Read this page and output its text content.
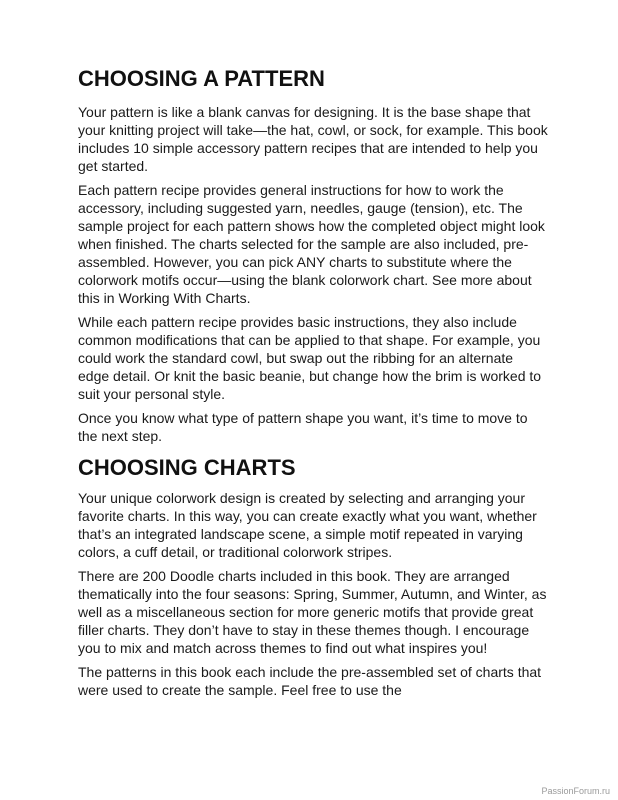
CHOOSING A PATTERN

Your pattern is like a blank canvas for designing. It is the base shape that your knitting project will take—the hat, cowl, or sock, for example. This book includes 10 simple accessory pattern recipes that are intended to help you get started.

Each pattern recipe provides general instructions for how to work the accessory, including suggested yarn, needles, gauge (tension), etc. The sample project for each pattern shows how the completed object might look when finished. The charts selected for the sample are also included, pre-assembled. However, you can pick ANY charts to substitute where the colorwork motifs occur—using the blank colorwork chart. See more about this in Working With Charts.

While each pattern recipe provides basic instructions, they also include common modifications that can be applied to that shape. For example, you could work the standard cowl, but swap out the ribbing for an alternate edge detail. Or knit the basic beanie, but change how the brim is worked to suit your personal style.

Once you know what type of pattern shape you want, it’s time to move to the next step.

CHOOSING CHARTS

Your unique colorwork design is created by selecting and arranging your favorite charts. In this way, you can create exactly what you want, whether that’s an integrated landscape scene, a simple motif repeated in varying colors, a cuff detail, or traditional colorwork stripes.

There are 200 Doodle charts included in this book. They are arranged thematically into the four seasons: Spring, Summer, Autumn, and Winter, as well as a miscellaneous section for more generic motifs that provide great filler charts. They don’t have to stay in these themes though. I encourage you to mix and match across themes to find out what inspires you!

The patterns in this book each include the pre-assembled set of charts that were used to create the sample. Feel free to use the

PassionForum.ru
